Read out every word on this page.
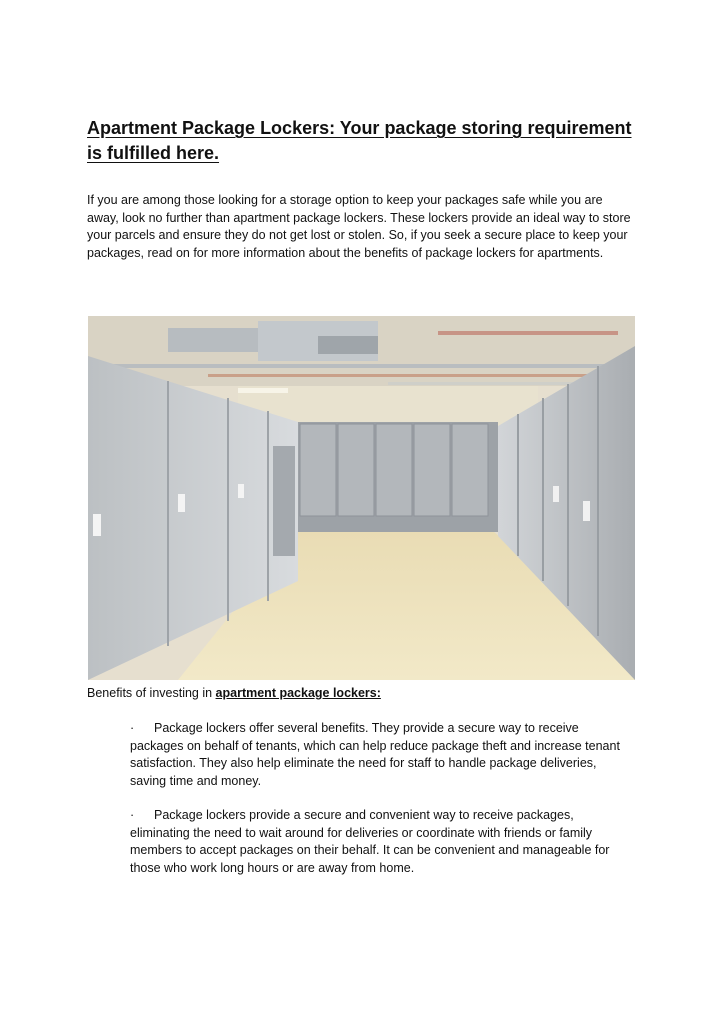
Apartment Package Lockers: Your package storing requirement is fulfilled here.
If you are among those looking for a storage option to keep your packages safe while you are away, look no further than apartment package lockers. These lockers provide an ideal way to store your parcels and ensure they do not get lost or stolen. So, if you seek a secure place to keep your packages, read on for more information about the benefits of package lockers for apartments.
Benefits of investing in apartment package lockers:
· Package lockers offer several benefits. They provide a secure way to receive packages on behalf of tenants, which can help reduce package theft and increase tenant satisfaction. They also help eliminate the need for staff to handle package deliveries, saving time and money.
· Package lockers provide a secure and convenient way to receive packages, eliminating the need to wait around for deliveries or coordinate with friends or family members to accept packages on their behalf. It can be convenient and manageable for those who work long hours or are away from home.
